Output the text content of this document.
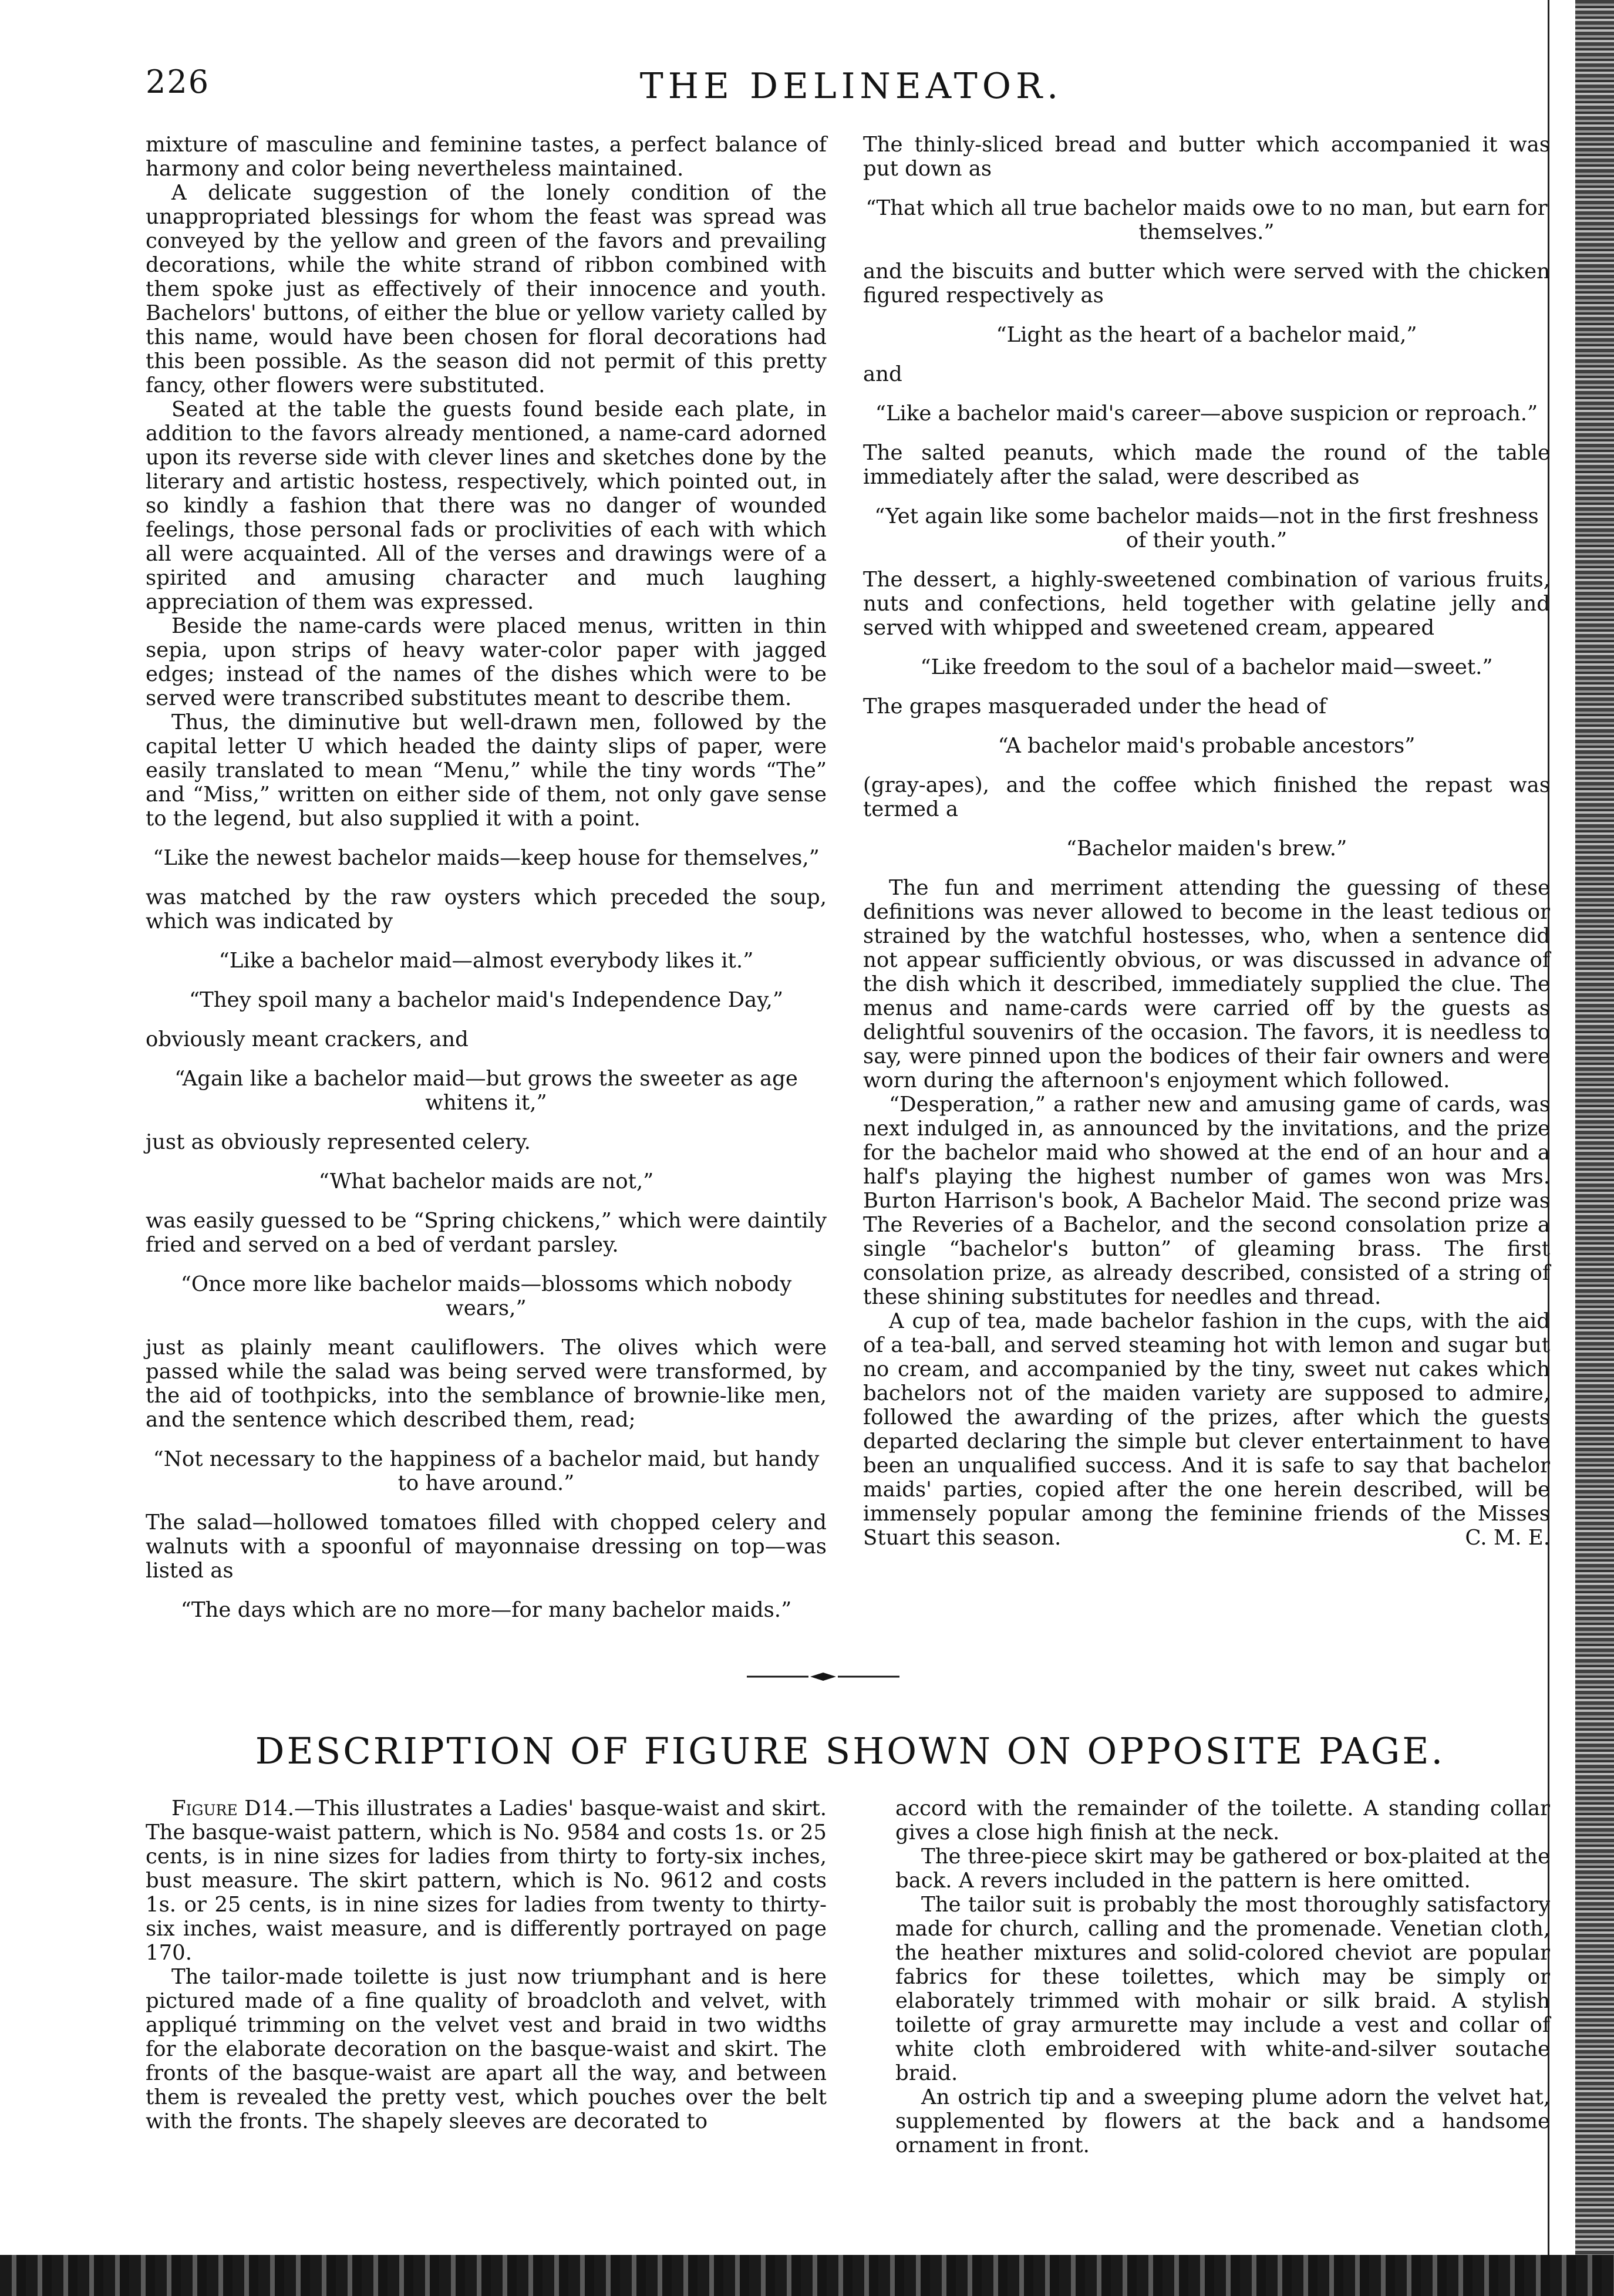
226	THE DELINEATOR.

mixture of masculine and feminine tastes, a perfect balance of harmony and color being nevertheless maintained.

A delicate suggestion of the lonely condition of the unappropriated blessings for whom the feast was spread was conveyed by the yellow and green of the favors and prevailing decorations, while the white strand of ribbon combined with them spoke just as effectively of their innocence and youth. Bachelors' buttons, of either the blue or yellow variety called by this name, would have been chosen for floral decorations had this been possible. As the season did not permit of this pretty fancy, other flowers were substituted.

Seated at the table the guests found beside each plate, in addition to the favors already mentioned, a name-card adorned upon its reverse side with clever lines and sketches done by the literary and artistic hostess, respectively, which pointed out, in so kindly a fashion that there was no danger of wounded feelings, those personal fads or proclivities of each with which all were acquainted. All of the verses and drawings were of a spirited and amusing character and much laughing appreciation of them was expressed.

Beside the name-cards were placed menus, written in thin sepia, upon strips of heavy water-color paper with jagged edges; instead of the names of the dishes which were to be served were transcribed substitutes meant to describe them.

Thus, the diminutive but well-drawn men, followed by the capital letter U which headed the dainty slips of paper, were easily translated to mean “Menu,” while the tiny words “The” and “Miss,” written on either side of them, not only gave sense to the legend, but also supplied it with a point.

“Like the newest bachelor maids—keep house for themselves,”

was matched by the raw oysters which preceded the soup, which was indicated by

“Like a bachelor maid—almost everybody likes it.”

“They spoil many a bachelor maid's Independence Day,”

obviously meant crackers, and

“Again like a bachelor maid—but grows the sweeter as age whitens it,”

just as obviously represented celery.

“What bachelor maids are not,”

was easily guessed to be “Spring chickens,” which were daintily fried and served on a bed of verdant parsley.

“Once more like bachelor maids—blossoms which nobody wears,”

just as plainly meant cauliflowers. The olives which were passed while the salad was being served were transformed, by the aid of toothpicks, into the semblance of brownie-like men, and the sentence which described them, read;

“Not necessary to the happiness of a bachelor maid, but handy to have around.”

The salad—hollowed tomatoes filled with chopped celery and walnuts with a spoonful of mayonnaise dressing on top—was listed as

“The days which are no more—for many bachelor maids.”

The thinly-sliced bread and butter which accompanied it was put down as

“That which all true bachelor maids owe to no man, but earn for themselves.”

and the biscuits and butter which were served with the chicken figured respectively as

“Light as the heart of a bachelor maid,”

and

“Like a bachelor maid's career—above suspicion or reproach.”

The salted peanuts, which made the round of the table immediately after the salad, were described as

“Yet again like some bachelor maids—not in the first freshness of their youth.”

The dessert, a highly-sweetened combination of various fruits, nuts and confections, held together with gelatine jelly and served with whipped and sweetened cream, appeared

“Like freedom to the soul of a bachelor maid—sweet.”

The grapes masqueraded under the head of

“A bachelor maid's probable ancestors”

(gray-apes), and the coffee which finished the repast was termed a

“Bachelor maiden's brew.”

The fun and merriment attending the guessing of these definitions was never allowed to become in the least tedious or strained by the watchful hostesses, who, when a sentence did not appear sufficiently obvious, or was discussed in advance of the dish which it described, immediately supplied the clue. The menus and name-cards were carried off by the guests as delightful souvenirs of the occasion. The favors, it is needless to say, were pinned upon the bodices of their fair owners and were worn during the afternoon's enjoyment which followed.

“Desperation,” a rather new and amusing game of cards, was next indulged in, as announced by the invitations, and the prize for the bachelor maid who showed at the end of an hour and a half's playing the highest number of games won was Mrs. Burton Harrison's book, A Bachelor Maid. The second prize was The Reveries of a Bachelor, and the second consolation prize a single “bachelor's button” of gleaming brass. The first consolation prize, as already described, consisted of a string of these shining substitutes for needles and thread.

A cup of tea, made bachelor fashion in the cups, with the aid of a tea-ball, and served steaming hot with lemon and sugar but no cream, and accompanied by the tiny, sweet nut cakes which bachelors not of the maiden variety are supposed to admire, followed the awarding of the prizes, after which the guests departed declaring the simple but clever entertainment to have been an unqualified success. And it is safe to say that bachelor maids' parties, copied after the one herein described, will be immensely popular among the feminine friends of the Misses Stuart this season.	C. M. E.

DESCRIPTION OF FIGURE SHOWN ON OPPOSITE PAGE.

Figure D14.—This illustrates a Ladies' basque-waist and skirt. The basque-waist pattern, which is No. 9584 and costs 1s. or 25 cents, is in nine sizes for ladies from thirty to forty-six inches, bust measure. The skirt pattern, which is No. 9612 and costs 1s. or 25 cents, is in nine sizes for ladies from twenty to thirty-six inches, waist measure, and is differently portrayed on page 170.

The tailor-made toilette is just now triumphant and is here pictured made of a fine quality of broadcloth and velvet, with appliqué trimming on the velvet vest and braid in two widths for the elaborate decoration on the basque-waist and skirt. The fronts of the basque-waist are apart all the way, and between them is revealed the pretty vest, which pouches over the belt with the fronts. The shapely sleeves are decorated to

accord with the remainder of the toilette. A standing collar gives a close high finish at the neck.

The three-piece skirt may be gathered or box-plaited at the back. A revers included in the pattern is here omitted.

The tailor suit is probably the most thoroughly satisfactory made for church, calling and the promenade. Venetian cloth, the heather mixtures and solid-colored cheviot are popular fabrics for these toilettes, which may be simply or elaborately trimmed with mohair or silk braid. A stylish toilette of gray armurette may include a vest and collar of white cloth embroidered with white-and-silver soutache braid.

An ostrich tip and a sweeping plume adorn the velvet hat, supplemented by flowers at the back and a handsome ornament in front.
